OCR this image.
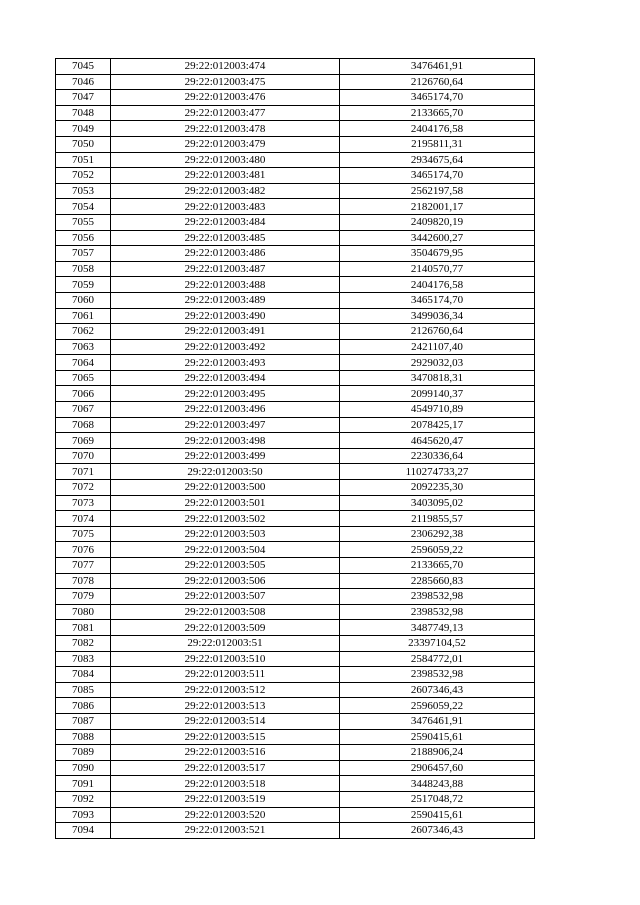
7045	29:22:012003:474	3476461,91
7046	29:22:012003:475	2126760,64
7047	29:22:012003:476	3465174,70
7048	29:22:012003:477	2133665,70
7049	29:22:012003:478	2404176,58
7050	29:22:012003:479	2195811,31
7051	29:22:012003:480	2934675,64
7052	29:22:012003:481	3465174,70
7053	29:22:012003:482	2562197,58
7054	29:22:012003:483	2182001,17
7055	29:22:012003:484	2409820,19
7056	29:22:012003:485	3442600,27
7057	29:22:012003:486	3504679,95
7058	29:22:012003:487	2140570,77
7059	29:22:012003:488	2404176,58
7060	29:22:012003:489	3465174,70
7061	29:22:012003:490	3499036,34
7062	29:22:012003:491	2126760,64
7063	29:22:012003:492	2421107,40
7064	29:22:012003:493	2929032,03
7065	29:22:012003:494	3470818,31
7066	29:22:012003:495	2099140,37
7067	29:22:012003:496	4549710,89
7068	29:22:012003:497	2078425,17
7069	29:22:012003:498	4645620,47
7070	29:22:012003:499	2230336,64
7071	29:22:012003:50	110274733,27
7072	29:22:012003:500	2092235,30
7073	29:22:012003:501	3403095,02
7074	29:22:012003:502	2119855,57
7075	29:22:012003:503	2306292,38
7076	29:22:012003:504	2596059,22
7077	29:22:012003:505	2133665,70
7078	29:22:012003:506	2285660,83
7079	29:22:012003:507	2398532,98
7080	29:22:012003:508	2398532,98
7081	29:22:012003:509	3487749,13
7082	29:22:012003:51	23397104,52
7083	29:22:012003:510	2584772,01
7084	29:22:012003:511	2398532,98
7085	29:22:012003:512	2607346,43
7086	29:22:012003:513	2596059,22
7087	29:22:012003:514	3476461,91
7088	29:22:012003:515	2590415,61
7089	29:22:012003:516	2188906,24
7090	29:22:012003:517	2906457,60
7091	29:22:012003:518	3448243,88
7092	29:22:012003:519	2517048,72
7093	29:22:012003:520	2590415,61
7094	29:22:012003:521	2607346,43
